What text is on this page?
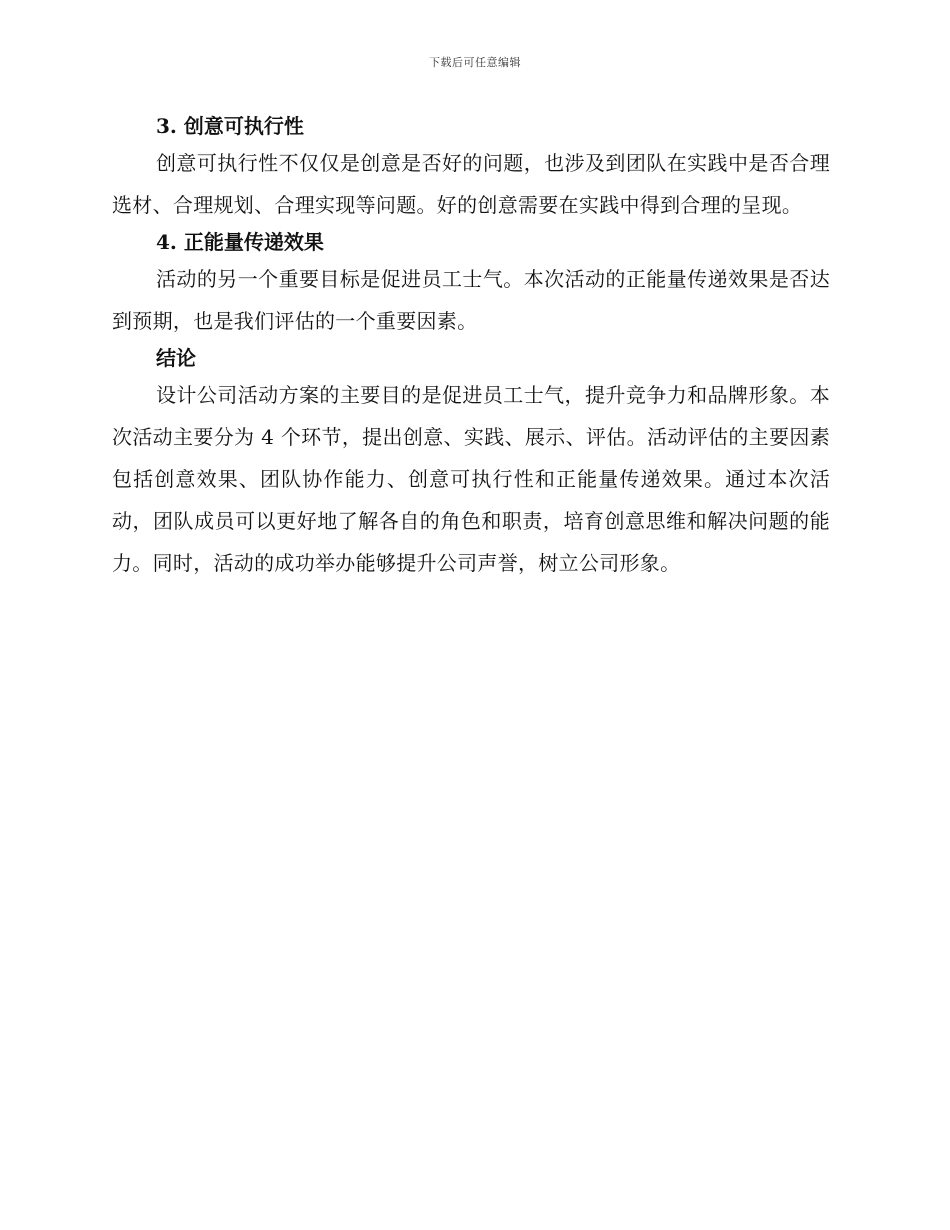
下载后可任意编辑
3. 创意可执行性

创意可执行性不仅仅是创意是否好的问题，也涉及到团队在实践中是否合理选材、合理规划、合理实现等问题。好的创意需要在实践中得到合理的呈现。

4. 正能量传递效果

活动的另一个重要目标是促进员工士气。本次活动的正能量传递效果是否达到预期，也是我们评估的一个重要因素。

结论

设计公司活动方案的主要目的是促进员工士气，提升竞争力和品牌形象。本次活动主要分为 4 个环节，提出创意、实践、展示、评估。活动评估的主要因素包括创意效果、团队协作能力、创意可执行性和正能量传递效果。通过本次活动，团队成员可以更好地了解各自的角色和职责，培育创意思维和解决问题的能力。同时，活动的成功举办能够提升公司声誉，树立公司形象。
